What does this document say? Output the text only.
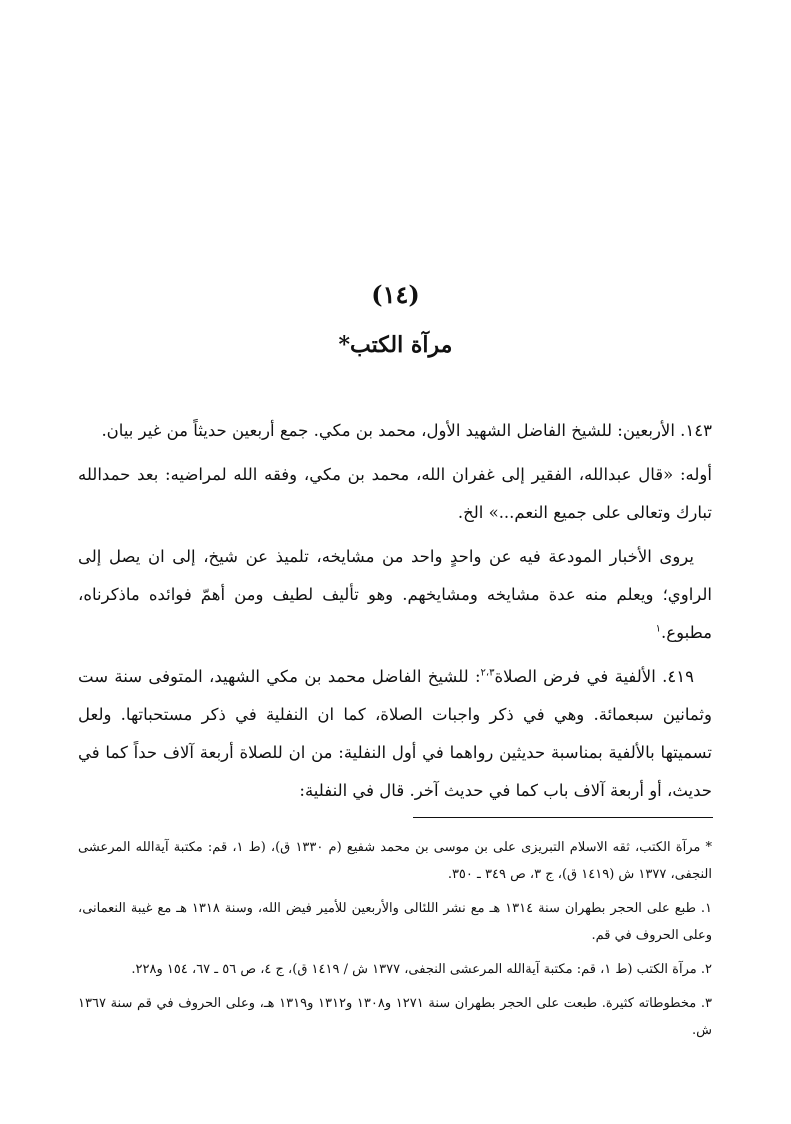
(١٤)
مرآة الكتب*

١٤٣. الأربعين: للشيخ الفاضل الشهيد الأول، محمد بن مكي. جمع أربعين حديثاً من غير بيان.

أوله: «قال عبدالله، الفقير إلى غفران الله، محمد بن مكي، وفقه الله لمراضيه: بعد حمدالله تبارك وتعالى على جميع النعم...» الخ.

يروى الأخبار المودعة فيه عن واحدٍ واحد من مشايخه، تلميذ عن شيخ، إلى ان يصل إلى الراوي؛ ويعلم منه عدة مشايخه ومشايخهم. وهو تأليف لطيف ومن أهمّ فوائده ماذكرناه، مطبوع.$^١$

٤١٩. الألفية في فرض الصلاة$^{٢،٣}$: للشيخ الفاضل محمد بن مكي الشهيد، المتوفى سنة ست وثمانين سبعمائة. وهي في ذكر واجبات الصلاة، كما ان النفلية في ذكر مستحباتها. ولعل تسميتها بالألفية بمناسبة حديثين رواهما في أول النفلية: من ان للصلاة أربعة آلاف حداً كما في حديث، أو أربعة آلاف باب كما في حديث آخر. قال في النفلية:

* مرآة الكتب، ثقه الاسلام التبريزى على بن موسى بن محمد شفيع (م ١٣٣٠ ق)، (ط ١، قم: مكتبة آية‌الله المرعشى النجفى، ١٣٧٧ ش (١٤١٩ ق)، ج ٣، ص ٣٤٩ ـ ٣٥٠.

١. طبع على الحجر بطهران سنة ١٣١٤ هـ مع نشر اللئالى والأربعين للأمير فيض الله، وسنة ١٣١٨ هـ مع غيبة النعمانى، وعلى الحروف في قم.

٢. مرآة الكتب (ط ١، قم: مكتبة آية‌الله المرعشى النجفى، ١٣٧٧ ش / ١٤١٩ ق)، ج ٤، ص ٥٦ ـ ٦٧، ١٥٤ و٢٢٨.

٣. مخطوطاته كثيرة. طبعت على الحجر بطهران سنة ١٢٧١ و١٣٠٨ و١٣١٢ و١٣١٩ هـ، وعلى الحروف في قم سنة ١٣٦٧ ش.
